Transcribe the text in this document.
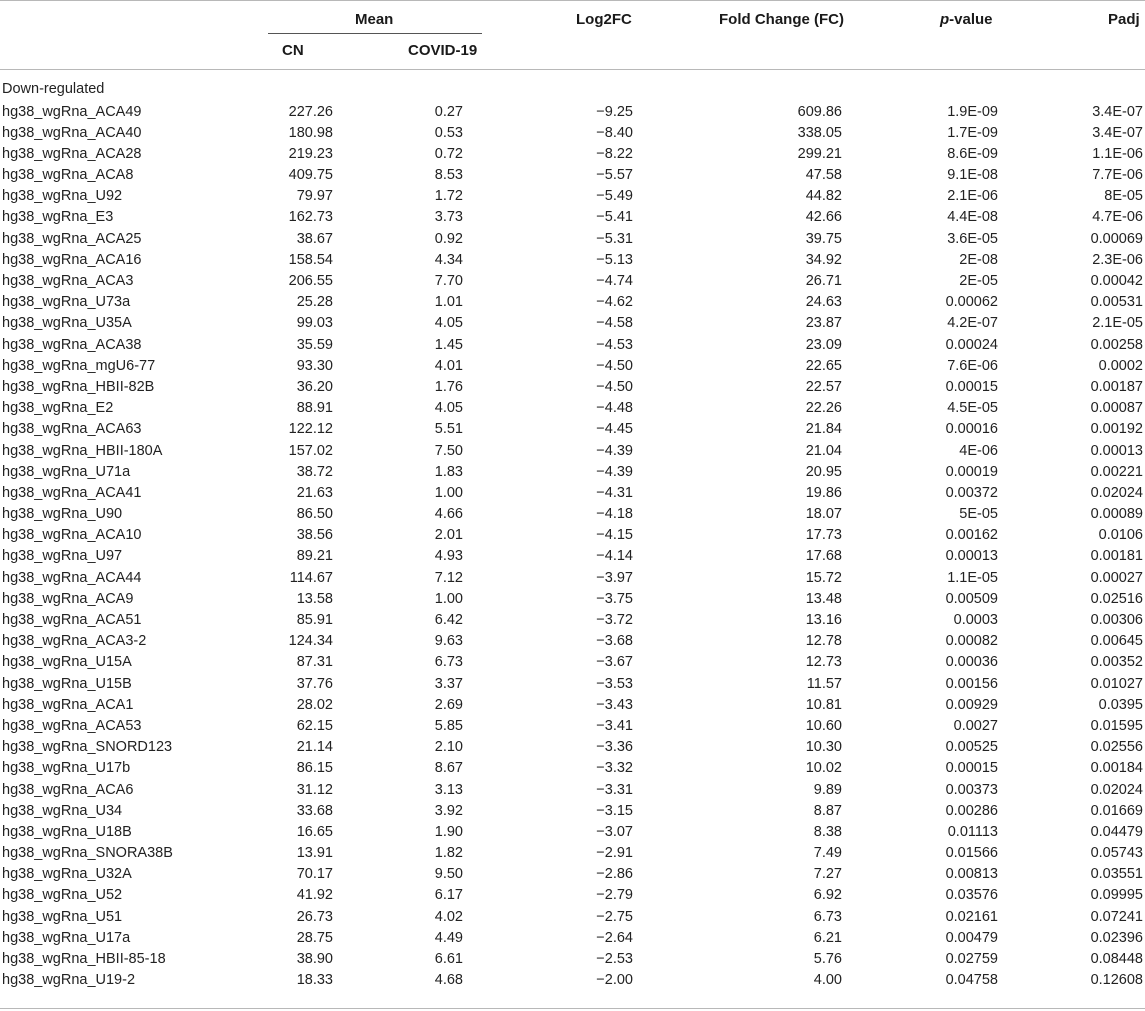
Mean
CN	COVID-19
Log2FC	Fold Change (FC)	p-value	Padj
Down-regulated
hg38_wgRna_ACA49	227.26	0.27	−9.25	609.86	1.9E-09	3.4E-07
hg38_wgRna_ACA40	180.98	0.53	−8.40	338.05	1.7E-09	3.4E-07
hg38_wgRna_ACA28	219.23	0.72	−8.22	299.21	8.6E-09	1.1E-06
hg38_wgRna_ACA8	409.75	8.53	−5.57	47.58	9.1E-08	7.7E-06
hg38_wgRna_U92	79.97	1.72	−5.49	44.82	2.1E-06	8E-05
hg38_wgRna_E3	162.73	3.73	−5.41	42.66	4.4E-08	4.7E-06
hg38_wgRna_ACA25	38.67	0.92	−5.31	39.75	3.6E-05	0.00069
hg38_wgRna_ACA16	158.54	4.34	−5.13	34.92	2E-08	2.3E-06
hg38_wgRna_ACA3	206.55	7.70	−4.74	26.71	2E-05	0.00042
hg38_wgRna_U73a	25.28	1.01	−4.62	24.63	0.00062	0.00531
hg38_wgRna_U35A	99.03	4.05	−4.58	23.87	4.2E-07	2.1E-05
hg38_wgRna_ACA38	35.59	1.45	−4.53	23.09	0.00024	0.00258
hg38_wgRna_mgU6-77	93.30	4.01	−4.50	22.65	7.6E-06	0.0002
hg38_wgRna_HBII-82B	36.20	1.76	−4.50	22.57	0.00015	0.00187
hg38_wgRna_E2	88.91	4.05	−4.48	22.26	4.5E-05	0.00087
hg38_wgRna_ACA63	122.12	5.51	−4.45	21.84	0.00016	0.00192
hg38_wgRna_HBII-180A	157.02	7.50	−4.39	21.04	4E-06	0.00013
hg38_wgRna_U71a	38.72	1.83	−4.39	20.95	0.00019	0.00221
hg38_wgRna_ACA41	21.63	1.00	−4.31	19.86	0.00372	0.02024
hg38_wgRna_U90	86.50	4.66	−4.18	18.07	5E-05	0.00089
hg38_wgRna_ACA10	38.56	2.01	−4.15	17.73	0.00162	0.0106
hg38_wgRna_U97	89.21	4.93	−4.14	17.68	0.00013	0.00181
hg38_wgRna_ACA44	114.67	7.12	−3.97	15.72	1.1E-05	0.00027
hg38_wgRna_ACA9	13.58	1.00	−3.75	13.48	0.00509	0.02516
hg38_wgRna_ACA51	85.91	6.42	−3.72	13.16	0.0003	0.00306
hg38_wgRna_ACA3-2	124.34	9.63	−3.68	12.78	0.00082	0.00645
hg38_wgRna_U15A	87.31	6.73	−3.67	12.73	0.00036	0.00352
hg38_wgRna_U15B	37.76	3.37	−3.53	11.57	0.00156	0.01027
hg38_wgRna_ACA1	28.02	2.69	−3.43	10.81	0.00929	0.0395
hg38_wgRna_ACA53	62.15	5.85	−3.41	10.60	0.0027	0.01595
hg38_wgRna_SNORD123	21.14	2.10	−3.36	10.30	0.00525	0.02556
hg38_wgRna_U17b	86.15	8.67	−3.32	10.02	0.00015	0.00184
hg38_wgRna_ACA6	31.12	3.13	−3.31	9.89	0.00373	0.02024
hg38_wgRna_U34	33.68	3.92	−3.15	8.87	0.00286	0.01669
hg38_wgRna_U18B	16.65	1.90	−3.07	8.38	0.01113	0.04479
hg38_wgRna_SNORA38B	13.91	1.82	−2.91	7.49	0.01566	0.05743
hg38_wgRna_U32A	70.17	9.50	−2.86	7.27	0.00813	0.03551
hg38_wgRna_U52	41.92	6.17	−2.79	6.92	0.03576	0.09995
hg38_wgRna_U51	26.73	4.02	−2.75	6.73	0.02161	0.07241
hg38_wgRna_U17a	28.75	4.49	−2.64	6.21	0.00479	0.02396
hg38_wgRna_HBII-85-18	38.90	6.61	−2.53	5.76	0.02759	0.08448
hg38_wgRna_U19-2	18.33	4.68	−2.00	4.00	0.04758	0.12608
